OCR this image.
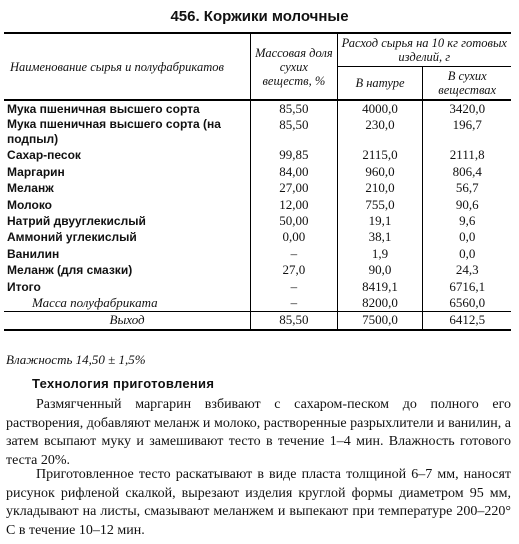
456. Коржики молочные
Наименование сырья и полуфабрикатов	Массовая доля сухих веществ, %	Расход сырья на 10 кг готовых изделий, г	
		В натуре	В сухих веществах
Мука пшеничная высшего сорта	85,50	4000,0	3420,0
Мука пшеничная высшего сорта (на подпыл)	85,50	230,0	196,7
Сахар-песок	99,85	2115,0	2111,8
Маргарин	84,00	960,0	806,4
Меланж	27,00	210,0	56,7
Молоко	12,00	755,0	90,6
Натрий двууглекислый	50,00	19,1	9,6
Аммоний углекислый	0,00	38,1	0,0
Ванилин	–	1,9	0,0
Меланж (для смазки)	27,0	90,0	24,3
Итого	–	8419,1	6716,1
Масса полуфабриката	–	8200,0	6560,0
Выход	85,50	7500,0	6412,5
Влажность 14,50 ± 1,5%
Технология приготовления
Размягченный маргарин взбивают с сахаром-песком до полного его растворения, добавляют меланж и молоко, растворенные разрыхлители и ванилин, а затем всыпают муку и замешивают тесто в течение 1–4 мин. Влажность готового теста 20%.
Приготовленное тесто раскатывают в виде пласта толщиной 6–7 мм, наносят рисунок рифленой скалкой, вырезают изделия круглой формы диаметром 95 мм, укладывают на листы, смазывают меланжем и выпекают при температуре 200–220° С в течение 10–12 мин.
